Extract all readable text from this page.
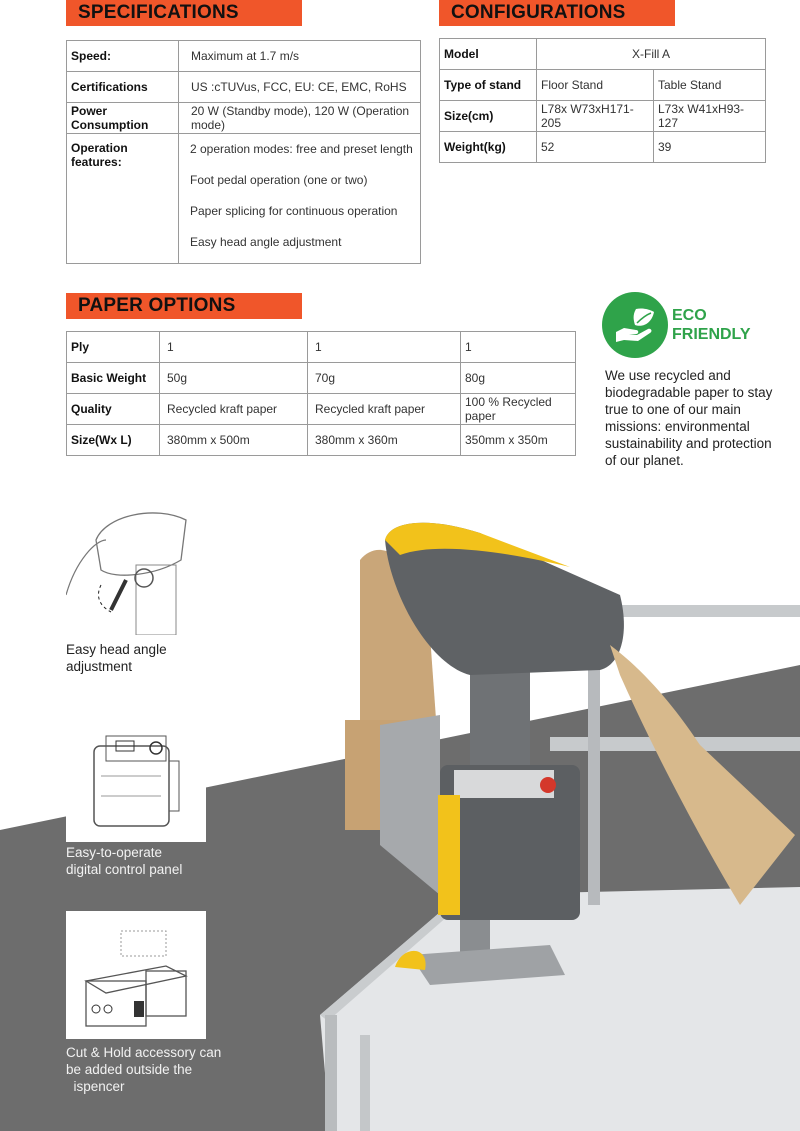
SPECIFICATIONS
Speed:	Maximum at 1.7 m/s
Certifications	US :cTUVus, FCC, EU: CE, EMC, RoHS
Power Consumption	20 W (Standby mode), 120 W (Operation mode)
Operation features:	2 operation modes: free and preset length
Foot pedal operation (one or two)
Paper splicing for continuous operation
Easy head angle adjustment
CONFIGURATIONS
Model	X-Fill A	
Type of stand	Floor Stand	Table Stand
Size(cm)	L78x W73xH171-205	L73x W41xH93-127
Weight(kg)	52	39
PAPER OPTIONS
Ply	1	1	1
Basic Weight	50g	70g	80g
Quality	Recycled kraft paper	Recycled kraft paper	100 % Recycled paper
Size(Wx L)	380mm x 500m	380mm x 360m	350mm x 350m
ECO
FRIENDLY
We use recycled and biodegradable paper to stay true to one of our main missions: environmental sustainability and protection of our planet.
Easy head angle
adjustment
Easy-to-operate
digital control panel
Cut & Hold accessory can
be added outside the
ispencer
